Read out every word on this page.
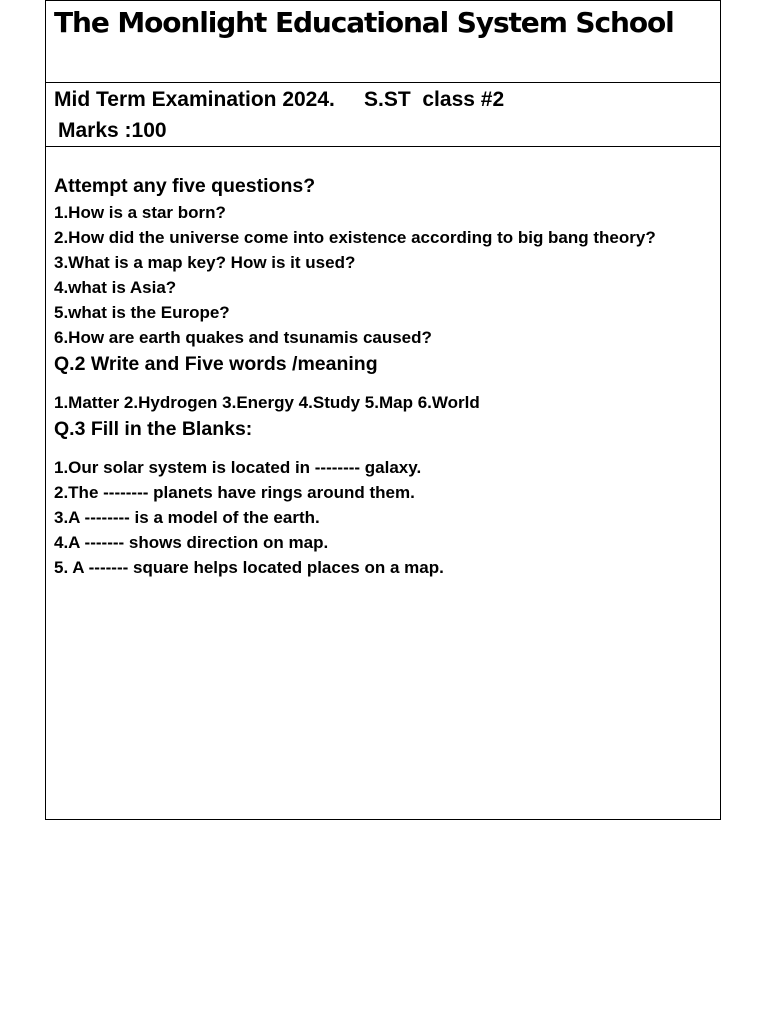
The Moonlight Educational System School
Mid Term Examination 2024.     S.ST  class #2
Marks :100

Attempt any five questions?

1.How is a star born?
2.How did the universe come into existence according to big bang theory?
3.What is a map key? How is it used?
4.what is Asia?
5.what is the Europe?
6.How are earth quakes and tsunamis caused?

Q.2 Write and Five words /meaning

1.Matter 2.Hydrogen 3.Energy 4.Study 5.Map 6.World

Q.3 Fill in the Blanks:

1.Our solar system is located in -------- galaxy.
2.The -------- planets have rings around them.
3.A -------- is a model of the earth.
4.A ------- shows direction on map.
5. A ------- square helps located places on a map.
